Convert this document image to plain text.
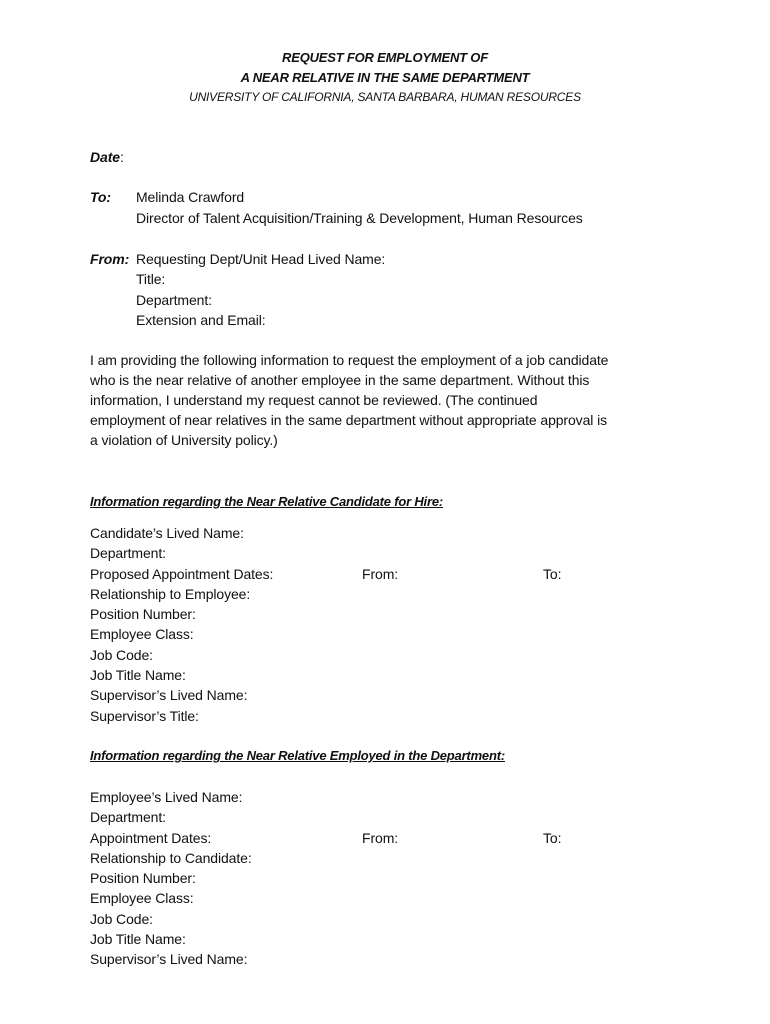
REQUEST FOR EMPLOYMENT OF
A NEAR RELATIVE IN THE SAME DEPARTMENT
UNIVERSITY OF CALIFORNIA, SANTA BARBARA, HUMAN RESOURCES
Date:
To: Melinda Crawford
Director of Talent Acquisition/Training & Development, Human Resources
From: Requesting Dept/Unit Head Lived Name:
Title:
Department:
Extension and Email:
I am providing the following information to request the employment of a job candidate
who is the near relative of another employee in the same department. Without this
information, I understand my request cannot be reviewed. (The continued
employment of near relatives in the same department without appropriate approval is
a violation of University policy.)
Information regarding the Near Relative Candidate for Hire:
Candidate’s Lived Name:
Department:
Proposed Appointment Dates:
Relationship to Employee:
Position Number:
Employee Class:
Job Code:
Job Title Name:
Supervisor’s Lived Name:
Supervisor’s Title:
From:	To:
Information regarding the Near Relative Employed in the Department:
Employee’s Lived Name:
Department:
Appointment Dates:
Relationship to Candidate:
Position Number:
Employee Class:
Job Code:
Job Title Name:
Supervisor’s Lived Name:
From:	To:
